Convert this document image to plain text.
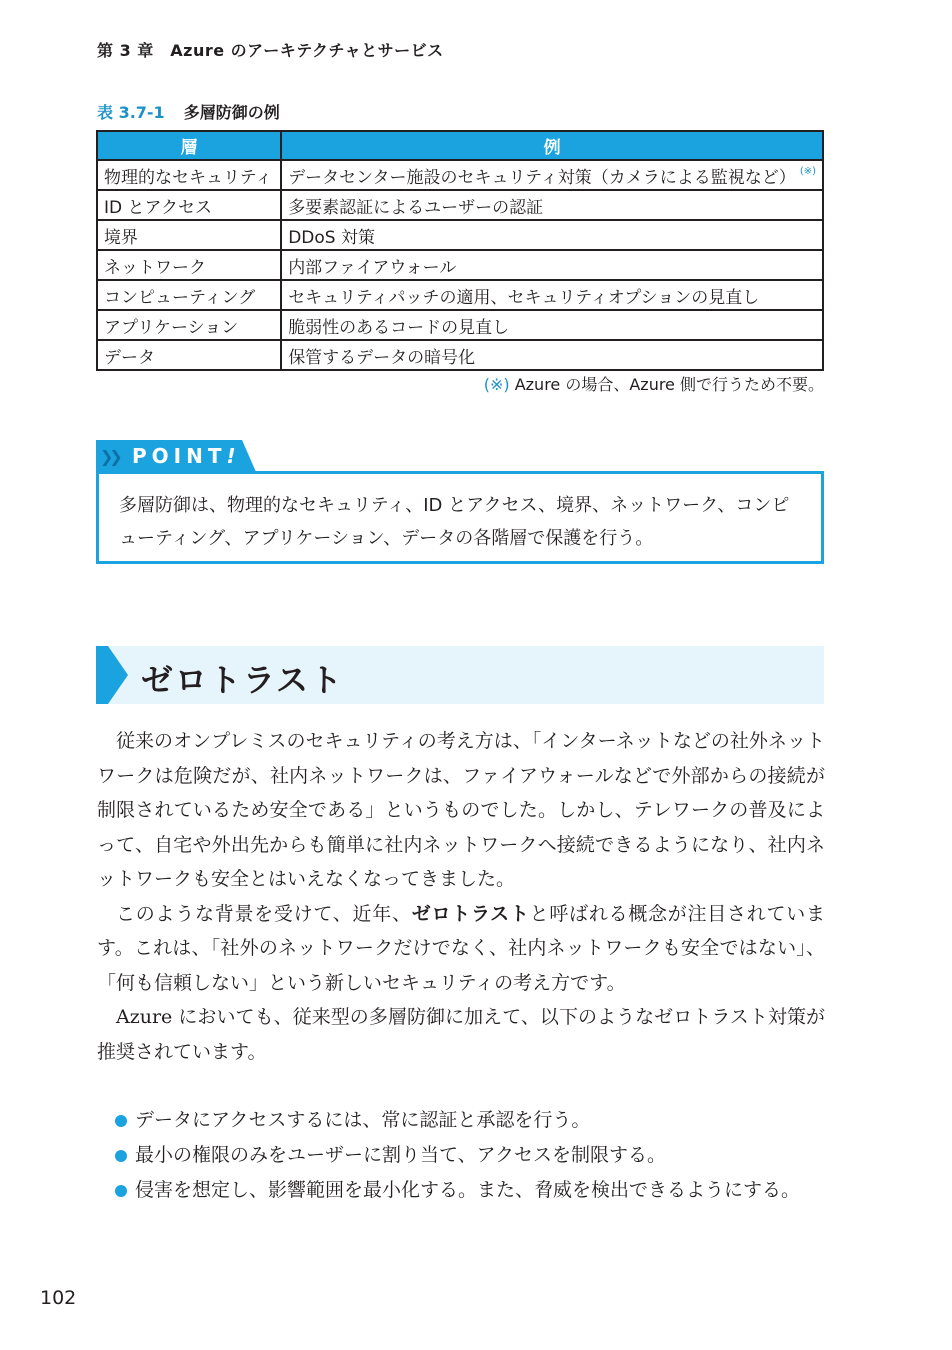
第 3 章　Azure のアーキテクチャとサービス
表 3.7-1 多層防御の例
層	例
物理的なセキュリティ	データセンター施設のセキュリティ対策（カメラによる監視など） (※)
ID とアクセス	多要素認証によるユーザーの認証
境界	DDoS 対策
ネットワーク	内部ファイアウォール
コンピューティング	セキュリティパッチの適用、セキュリティオプションの見直し
アプリケーション	脆弱性のあるコードの見直し
データ	保管するデータの暗号化
(※) Azure の場合、Azure 側で行うため不要。
❯❯ POINT!
多層防御は、物理的なセキュリティ、ID とアクセス、境界、ネットワーク、コンピューティング、アプリケーション、データの各階層で保護を行う。
ゼロトラスト

従来のオンプレミスのセキュリティの考え方は、「インターネットなどの社外ネットワークは危険だが、社内ネットワークは、ファイアウォールなどで外部からの接続が制限されているため安全である」というものでした。しかし、テレワークの普及によって、自宅や外出先からも簡単に社内ネットワークへ接続できるようになり、社内ネットワークも安全とはいえなくなってきました。

このような背景を受けて、近年、ゼロトラストと呼ばれる概念が注目されています。これは、「社外のネットワークだけでなく、社内ネットワークも安全ではない」、「何も信頼しない」という新しいセキュリティの考え方です。

Azure においても、従来型の多層防御に加えて、以下のようなゼロトラスト対策が推奨されています。

データにアクセスするには、常に認証と承認を行う。
最小の権限のみをユーザーに割り当て、アクセスを制限する。
侵害を想定し、影響範囲を最小化する。また、脅威を検出できるようにする。
102
